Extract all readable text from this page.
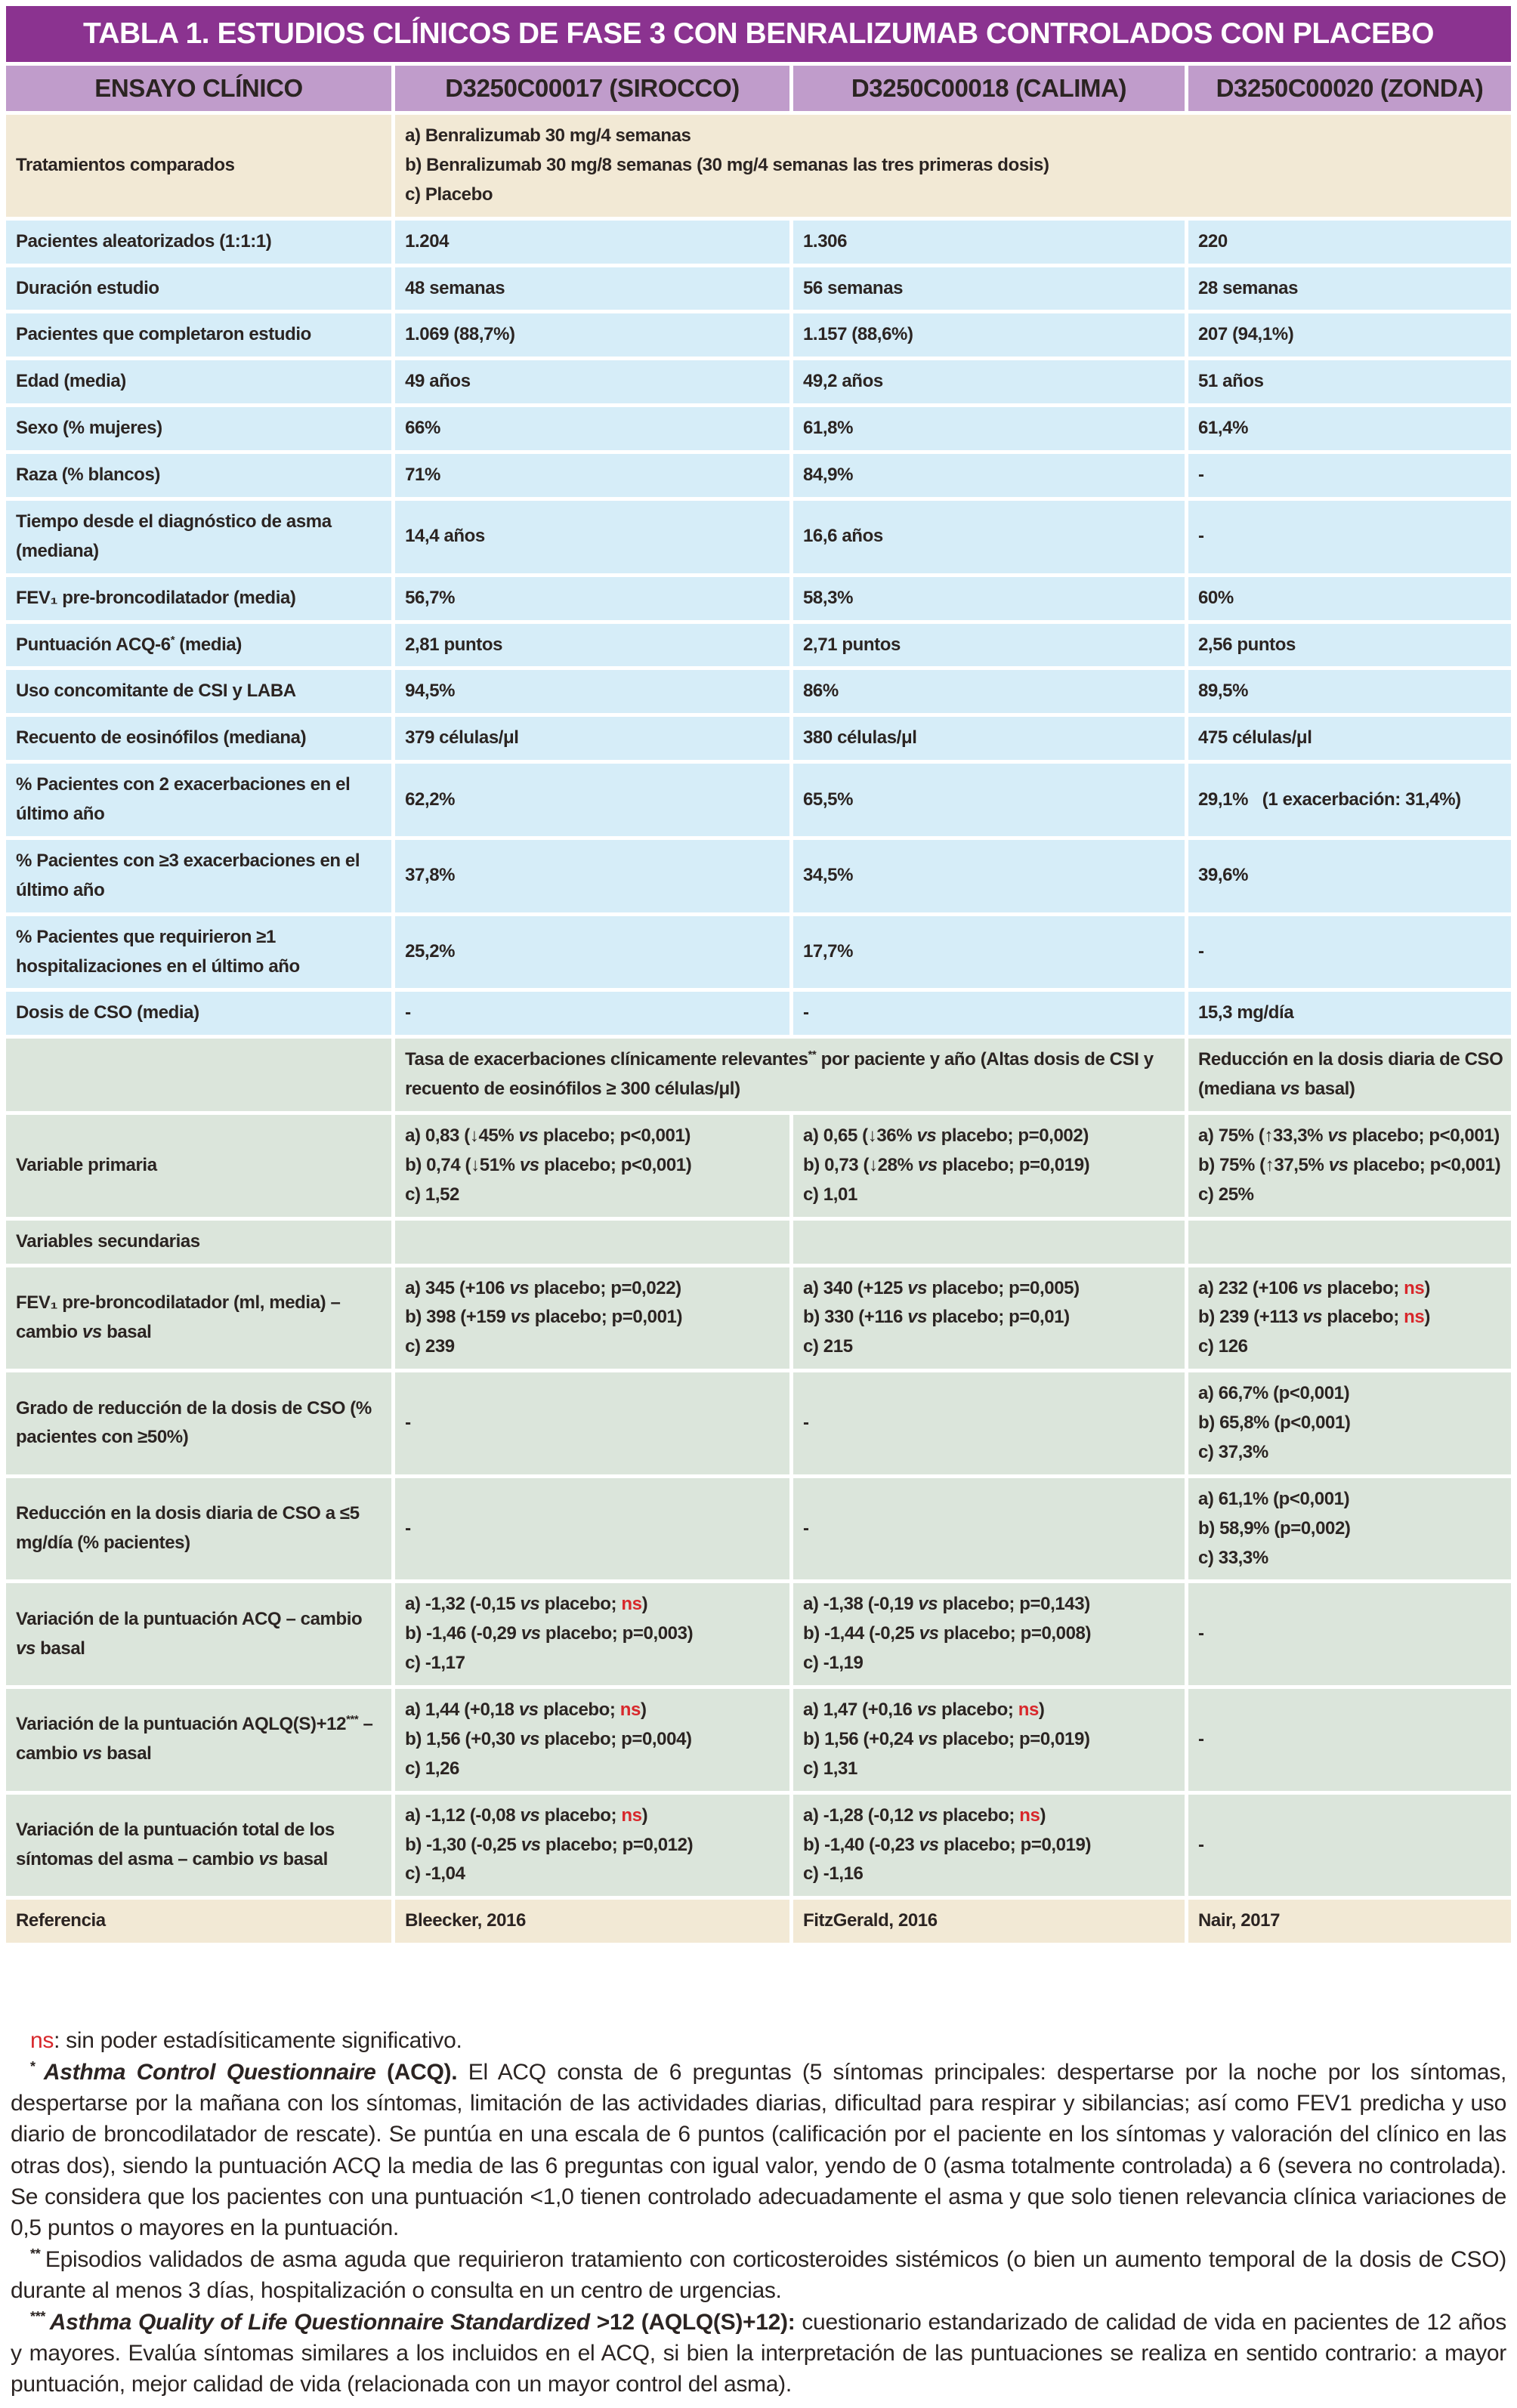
TABLA 1. ESTUDIOS CLÍNICOS DE FASE 3 CON BENRALIZUMAB CONTROLADOS CON PLACEBO
ENSAYO CLÍNICO	D3250C00017 (SIROCCO)	D3250C00018 (CALIMA)	D3250C00020 (ZONDA)
Tratamientos comparados	a) Benralizumab 30 mg/4 semanas
b) Benralizumab 30 mg/8 semanas (30 mg/4 semanas las tres primeras dosis)
c) Placebo		
Pacientes aleatorizados (1:1:1)	1.204	1.306	220
Duración estudio	48 semanas	56 semanas	28 semanas
Pacientes que completaron estudio	1.069 (88,7%)	1.157 (88,6%)	207 (94,1%)
Edad (media)	49 años	49,2 años	51 años
Sexo (% mujeres)	66%	61,8%	61,4%
Raza (% blancos)	71%	84,9%	-
Tiempo desde el diagnóstico de asma (mediana)	14,4 años	16,6 años	-
FEV₁ pre-broncodilatador (media)	56,7%	58,3%	60%
Puntuación ACQ-6* (media)	2,81 puntos	2,71 puntos	2,56 puntos
Uso concomitante de CSI y LABA	94,5%	86%	89,5%
Recuento de eosinófilos (mediana)	379 células/μl	380 células/μl	475 células/μl
% Pacientes con 2 exacerbaciones en el último año	62,2%	65,5%	29,1%   (1 exacerbación: 31,4%)
% Pacientes con ≥3 exacerbaciones en el último año	37,8%	34,5%	39,6%
% Pacientes que requirieron ≥1 hospitalizaciones en el último año	25,2%	17,7%	-
Dosis de CSO (media)	-	-	15,3 mg/día
	Tasa de exacerbaciones clínicamente relevantes** por paciente y año (Altas dosis de CSI y recuento de eosinófilos ≥ 300 células/μl)		Reducción en la dosis diaria de CSO (mediana vs basal)
Variable primaria	a) 0,83 (↓45% vs placebo; p<0,001)
b) 0,74 (↓51% vs placebo; p<0,001)
c) 1,52	a) 0,65 (↓36% vs placebo; p=0,002)
b) 0,73 (↓28% vs placebo; p=0,019)
c) 1,01	a) 75% (↑33,3% vs placebo; p<0,001)
b) 75% (↑37,5% vs placebo; p<0,001)
c) 25%
Variables secundarias			
FEV₁ pre-broncodilatador (ml, media) – cambio vs basal	a) 345 (+106 vs placebo; p=0,022)
b) 398 (+159 vs placebo; p=0,001)
c) 239	a) 340 (+125 vs placebo; p=0,005)
b) 330 (+116 vs placebo; p=0,01)
c) 215	a) 232 (+106 vs placebo; ns)
b) 239 (+113 vs placebo; ns)
c) 126
Grado de reducción de la dosis de CSO (% pacientes con ≥50%)	-	-	a) 66,7% (p<0,001)
b) 65,8% (p<0,001)
c) 37,3%
Reducción en la dosis diaria de CSO a ≤5 mg/día (% pacientes)	-	-	a) 61,1% (p<0,001)
b) 58,9% (p=0,002)
c) 33,3%
Variación de la puntuación ACQ – cambio vs basal	a) -1,32 (-0,15 vs placebo; ns)
b) -1,46 (-0,29 vs placebo; p=0,003)
c) -1,17	a) -1,38 (-0,19 vs placebo; p=0,143)
b) -1,44 (-0,25 vs placebo; p=0,008)
c) -1,19	-
Variación de la puntuación AQLQ(S)+12*** – cambio vs basal	a) 1,44 (+0,18 vs placebo; ns)
b) 1,56 (+0,30 vs placebo; p=0,004)
c) 1,26	a) 1,47 (+0,16 vs placebo; ns)
b) 1,56 (+0,24 vs placebo; p=0,019)
c) 1,31	-
Variación de la puntuación total de los síntomas del asma – cambio vs basal	a) -1,12 (-0,08 vs placebo; ns)
b) -1,30 (-0,25 vs placebo; p=0,012)
c) -1,04	a) -1,28 (-0,12 vs placebo; ns)
b) -1,40 (-0,23 vs placebo; p=0,019)
c) -1,16	-
Referencia	Bleecker, 2016	FitzGerald, 2016	Nair, 2017

ns: sin poder estadísiticamente significativo.

* Asthma Control Questionnaire (ACQ). El ACQ consta de 6 preguntas (5 síntomas principales: despertarse por la noche por los síntomas, despertarse por la mañana con los síntomas, limitación de las actividades diarias, dificultad para respirar y sibilancias; así como FEV1 predicha y uso diario de broncodilatador de rescate). Se puntúa en una escala de 6 puntos (calificación por el paciente en los síntomas y valoración del clínico en las otras dos), siendo la puntuación ACQ la media de las 6 preguntas con igual valor, yendo de 0 (asma totalmente controlada) a 6 (severa no controlada). Se considera que los pacientes con una puntuación <1,0 tienen controlado adecuadamente el asma y que solo tienen relevancia clínica variaciones de 0,5 puntos o mayores en la puntuación.

** Episodios validados de asma aguda que requirieron tratamiento con corticosteroides sistémicos (o bien un aumento temporal de la dosis de CSO) durante al menos 3 días, hospitalización o consulta en un centro de urgencias.

*** Asthma Quality of Life Questionnaire Standardized >12 (AQLQ(S)+12): cuestionario estandarizado de calidad de vida en pacientes de 12 años y mayores. Evalúa síntomas similares a los incluidos en el ACQ, si bien la interpretación de las puntuaciones se realiza en sentido contrario: a mayor puntuación, mejor calidad de vida (relacionada con un mayor control del asma).
